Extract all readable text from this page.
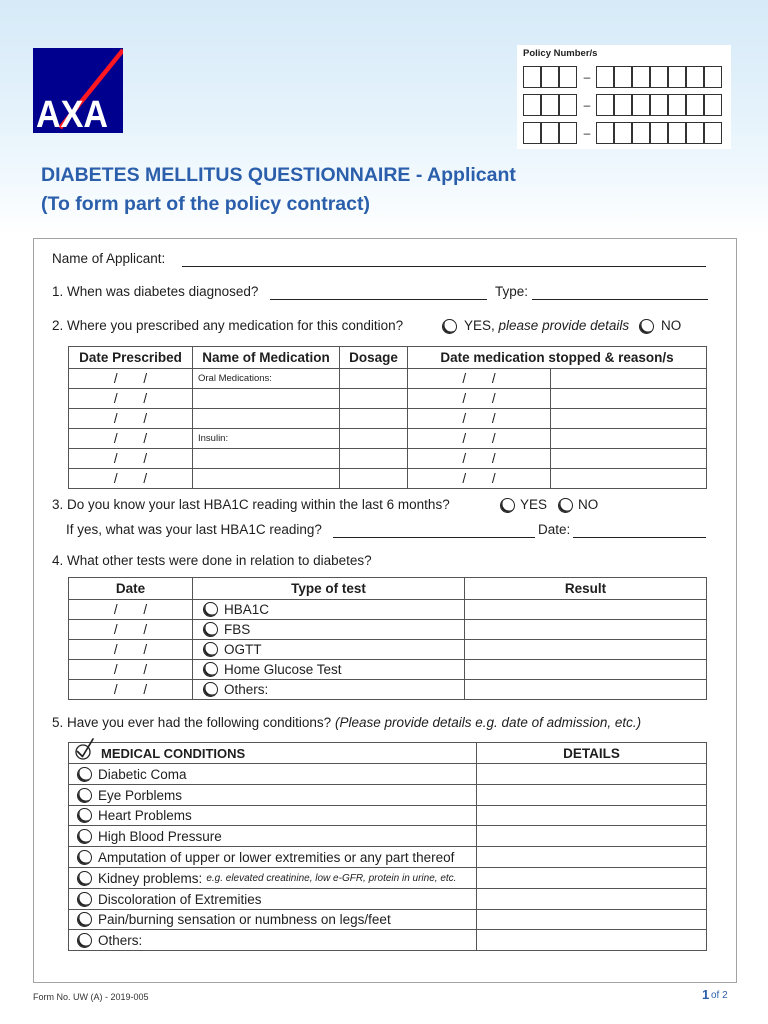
AXA
Policy Number/s
–
–
–
DIABETES MELLITUS QUESTIONNAIRE - Applicant
(To form part of the policy contract)
Name of Applicant:
1. When was diabetes diagnosed?	Type:
2. Where you prescribed any medication for this condition?	YES, please provide details NO
Date Prescribed	Name of Medication	Dosage	Date medication stopped & reason/s	
/ /	Oral Medications:		/ /	
/ /			/ /	
/ /			/ /	
/ /	Insulin:		/ /	
/ /			/ /	
/ /			/ /	
3. Do you know your last HBA1C reading within the last 6 months?	YES NO
If yes, what was your last HBA1C reading?	Date:
4. What other tests were done in relation to diabetes?
Date	Type of test	Result
/ /	HBA1C	
/ /	FBS	
/ /	OGTT	
/ /	Home Glucose Test	
/ /	Others:	
5. Have you ever had the following conditions? (Please provide details e.g. date of admission, etc.)
MEDICAL CONDITIONS	DETAILS
Diabetic Coma	
Eye Porblems	
Heart Problems	
High Blood Pressure	
Amputation of upper or lower extremities or any part thereof	
Kidney problems: e.g. elevated creatinine, low e-GFR, protein in urine, etc.	
Discoloration of Extremities	
Pain/burning sensation or numbness on legs/feet	
Others:	
Form No. UW (A) - 2019-005	1 of 2
